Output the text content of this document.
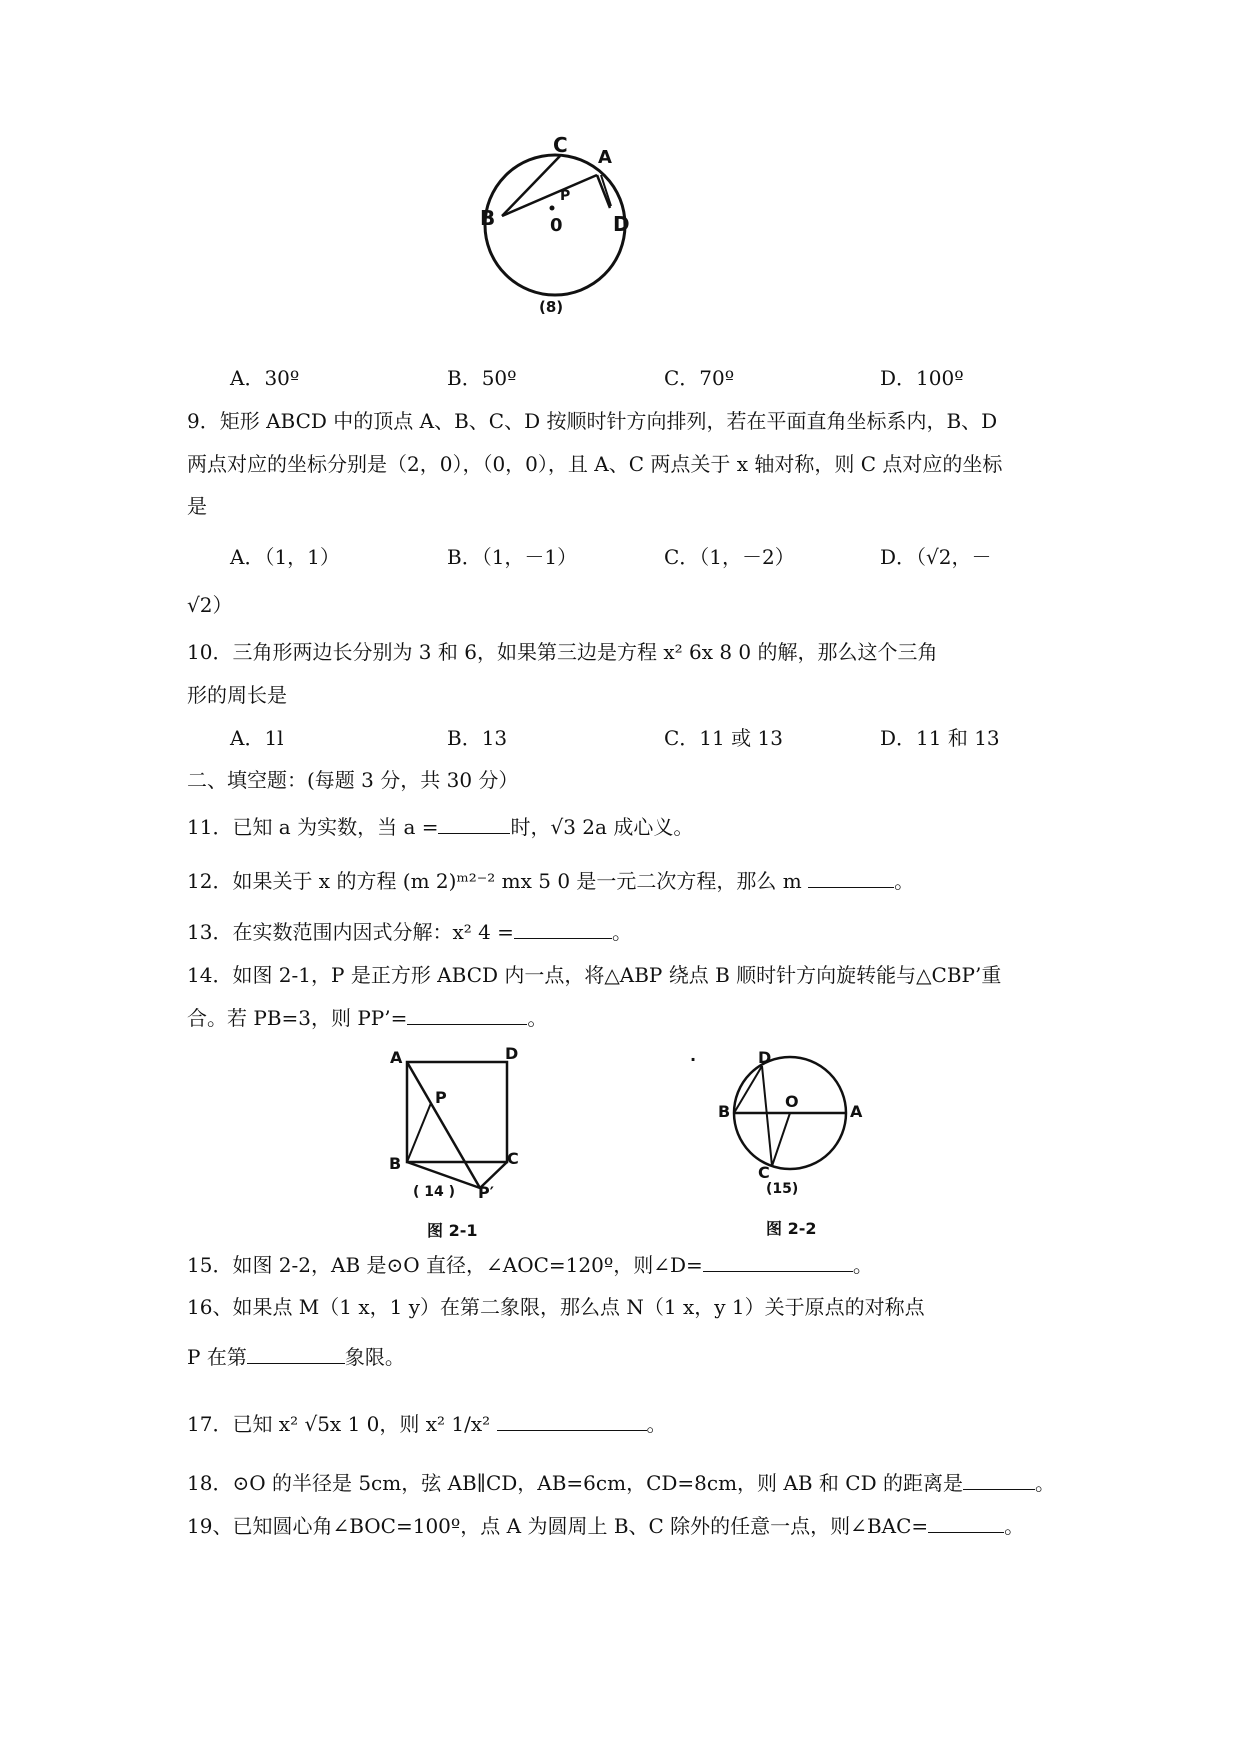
C
A
B
P
0	D
(8)
A．30º	B．50º	C．70º	D．100º
9．矩形 ABCD 中的顶点 A、B、C、D 按顺时针方向排列，若在平面直角坐标系内，B、D
两点对应的坐标分别是（2，0），（0，0），且 A、C 两点关于 x 轴对称，则 C 点对应的坐标
是
A．（1，1）	B．（1，－1）	C．（1，－2）	D．（√2，－
√2）
10．三角形两边长分别为 3 和 6，如果第三边是方程 x² 6x 8 0 的解，那么这个三角
形的周长是
A．1l	B．13	C．11 或 13	D．11 和 13
二、填空题：(每题 3 分，共 30 分）
11．已知 a 为实数，当 a =	时，√3 2a 成心义。
12．如果关于 x 的方程 (m 2)ᵐ²⁻² mx 5 0 是一元二次方程，那么 m	。
13．在实数范围内因式分解：x² 4 =	。
14．如图 2-1，P 是正方形 ABCD 内一点，将△ABP 绕点 B 顺时针方向旋转能与△CBP’重
合。若 PB=3，则 PP’=	。
A	D
P
B	C
P′
( 14 )
图 2-1
.	D
B
O
A
C
(15)
图 2-2
15．如图 2-2，AB 是⊙O 直径，∠AOC=120º，则∠D=	。
16、如果点 M（1 x，1 y）在第二象限，那么点 N（1 x，y 1）关于原点的对称点
P 在第	象限。
17．已知 x² √5x 1 0，则 x² 1/x²	。
18．⊙O 的半径是 5cm，弦 AB∥CD，AB=6cm，CD=8cm，则 AB 和 CD 的距离是	。
19、已知圆心角∠BOC=100º，点 A 为圆周上 B、C 除外的任意一点，则∠BAC=	。
